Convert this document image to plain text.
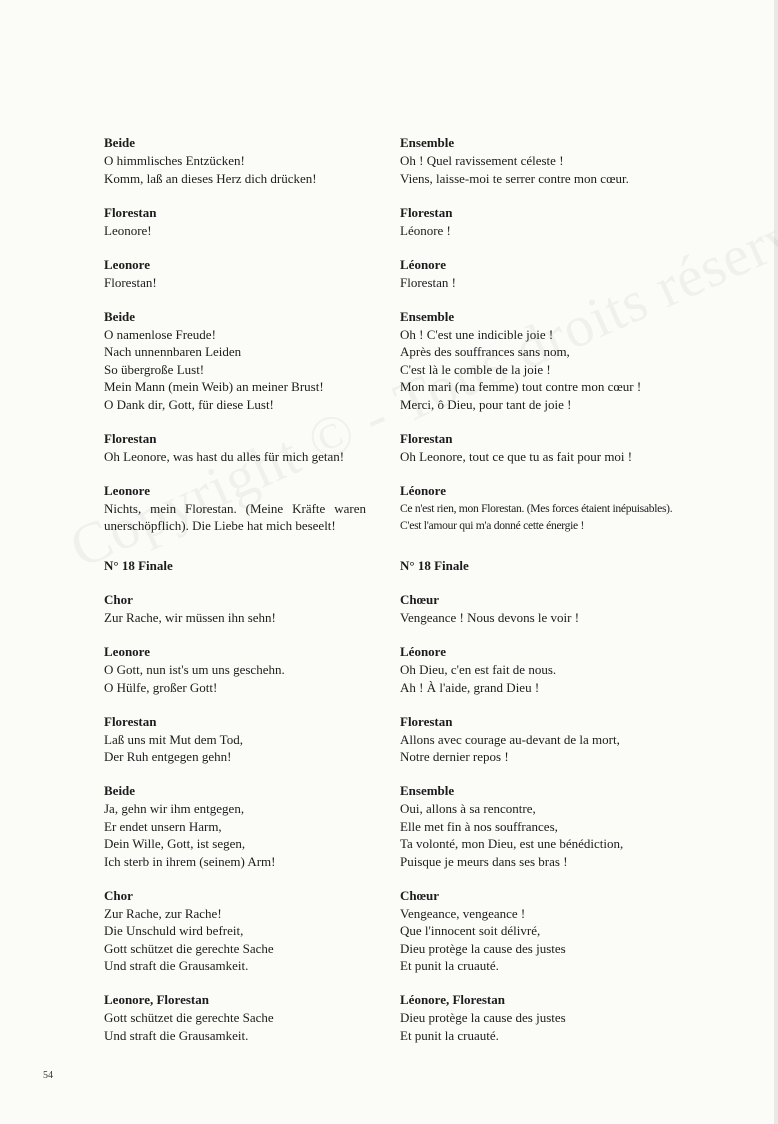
Beide
O himmlisches Entzücken!
Komm, laß an dieses Herz dich drücken!
Florestan
Leonore!
Leonore
Florestan!
Beide
O namenlose Freude!
Nach unnennbaren Leiden
So übergroße Lust!
Mein Mann (mein Weib) an meiner Brust!
O Dank dir, Gott, für diese Lust!
Florestan
Oh Leonore, was hast du alles für mich getan!
Leonore
Nichts, mein Florestan. (Meine Kräfte waren unerschöpflich). Die Liebe hat mich beseelt!
N° 18 Finale
Chor
Zur Rache, wir müssen ihn sehn!
Leonore
O Gott, nun ist's um uns geschehn.
O Hülfe, großer Gott!
Florestan
Laß uns mit Mut dem Tod,
Der Ruh entgegen gehn!
Beide
Ja, gehn wir ihm entgegen,
Er endet unsern Harm,
Dein Wille, Gott, ist segen,
Ich sterb in ihrem (seinem) Arm!
Chor
Zur Rache, zur Rache!
Die Unschuld wird befreit,
Gott schützet die gerechte Sache
Und straft die Grausamkeit.
Leonore, Florestan
Gott schützet die gerechte Sache
Und straft die Grausamkeit.
Ensemble
Oh ! Quel ravissement céleste !
Viens, laisse-moi te serrer contre mon cœur.
Florestan
Léonore !
Léonore
Florestan !
Ensemble
Oh ! C'est une indicible joie !
Après des souffrances sans nom,
C'est là le comble de la joie !
Mon mari (ma femme) tout contre mon cœur !
Merci, ô Dieu, pour tant de joie !
Florestan
Oh Leonore, tout ce que tu as fait pour moi !
Léonore
Ce n'est rien, mon Florestan. (Mes forces étaient inépuisables).
C'est l'amour qui m'a donné cette énergie !
N° 18 Finale
Chœur
Vengeance ! Nous devons le voir !
Léonore
Oh Dieu, c'en est fait de nous.
Ah ! À l'aide, grand Dieu !
Florestan
Allons avec courage au-devant de la mort,
Notre dernier repos !
Ensemble
Oui, allons à sa rencontre,
Elle met fin à nos souffrances,
Ta volonté, mon Dieu, est une bénédiction,
Puisque je meurs dans ses bras !
Chœur
Vengeance, vengeance !
Que l'innocent soit délivré,
Dieu protège la cause des justes
Et punit la cruauté.
Léonore, Florestan
Dieu protège la cause des justes
Et punit la cruauté.
54
